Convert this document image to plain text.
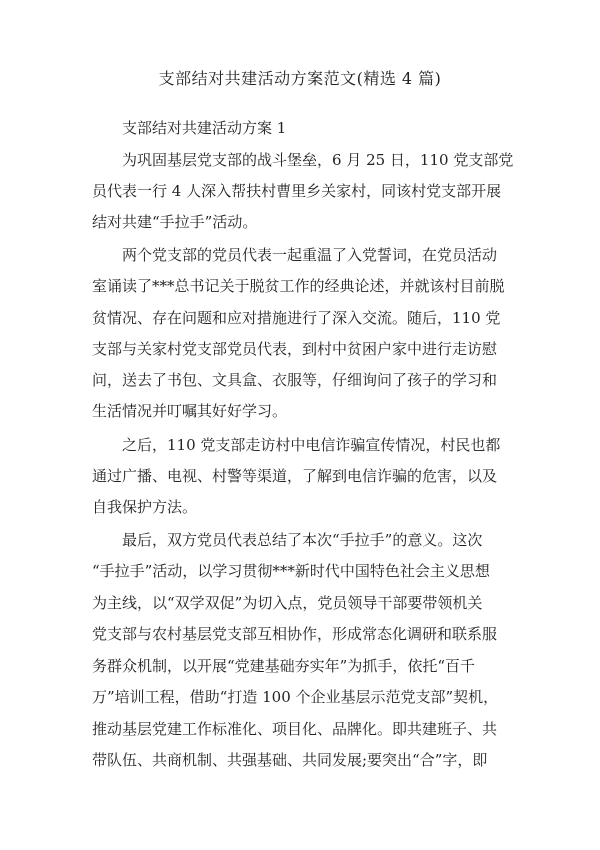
支部结对共建活动方案范文(精选 4 篇)
支部结对共建活动方案 1
为巩固基层党支部的战斗堡垒，6 月 25 日，110 党支部党
员代表一行 4 人深入帮扶村曹里乡关家村，同该村党支部开展
结对共建“手拉手”活动。
两个党支部的党员代表一起重温了入党誓词，在党员活动
室诵读了***总书记关于脱贫工作的经典论述，并就该村目前脱
贫情况、存在问题和应对措施进行了深入交流。随后，110 党
支部与关家村党支部党员代表，到村中贫困户家中进行走访慰
问，送去了书包、文具盒、衣服等，仔细询问了孩子的学习和
生活情况并叮嘱其好好学习。
之后，110 党支部走访村中电信诈骗宣传情况，村民也都
通过广播、电视、村警等渠道，了解到电信诈骗的危害，以及
自我保护方法。
最后，双方党员代表总结了本次“手拉手”的意义。这次
“手拉手”活动，以学习贯彻***新时代中国特色社会主义思想
为主线，以“双学双促”为切入点，党员领导干部要带领机关
党支部与农村基层党支部互相协作，形成常态化调研和联系服
务群众机制，以开展“党建基础夯实年”为抓手，依托“百千
万”培训工程，借助“打造 100 个企业基层示范党支部”契机，
推动基层党建工作标准化、项目化、品牌化。即共建班子、共
带队伍、共商机制、共强基础、共同发展;要突出“合”字，即
